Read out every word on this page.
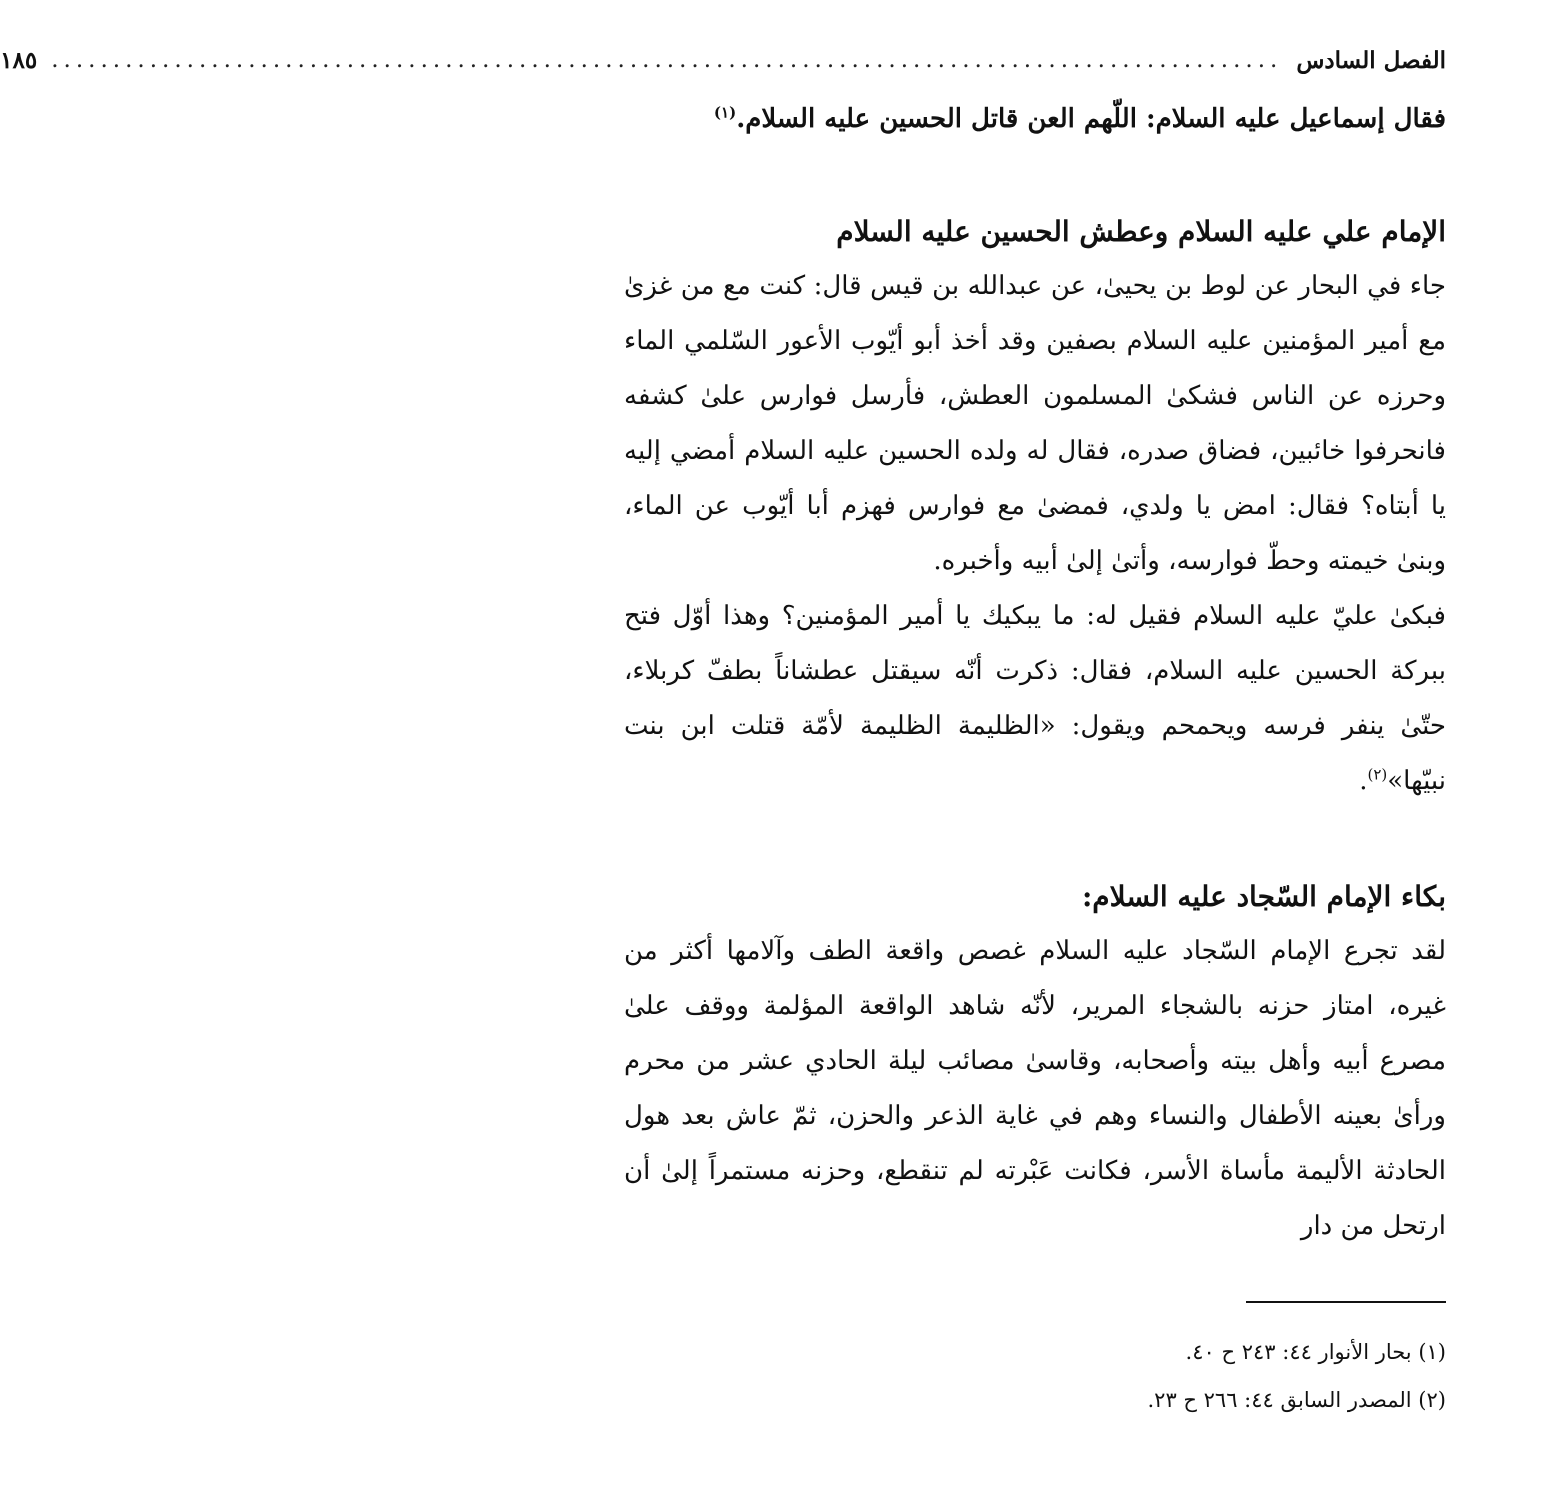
الفصل السادس
....................................................................................................
١٨٥

فقال إسماعيل عليه السلام: اللّهم العن قاتل الحسين عليه السلام.$^{(١)}$

الإمام علي عليه السلام وعطش الحسين عليه السلام

جاء في البحار عن لوط بن يحيىٰ، عن عبدالله بن قيس قال: كنت مع من غزىٰ مع أمير المؤمنين عليه السلام بصفين وقد أخذ أبو أيّوب الأعور السّلمي الماء وحرزه عن الناس فشكىٰ المسلمون العطش، فأرسل فوارس علىٰ كشفه فانحرفوا خائبين، فضاق صدره، فقال له ولده الحسين عليه السلام أمضي إليه يا أبتاه؟ فقال: امض يا ولدي، فمضىٰ مع فوارس فهزم أبا أيّوب عن الماء، وبنىٰ خيمته وحطّ فوارسه، وأتىٰ إلىٰ أبيه وأخبره.

فبكىٰ عليّ عليه السلام فقيل له: ما يبكيك يا أمير المؤمنين؟ وهذا أوّل فتح ببركة الحسين عليه السلام، فقال: ذكرت أنّه سيقتل عطشاناً بطفّ كربلاء، حتّىٰ ينفر فرسه ويحمحم ويقول: «الظليمة الظليمة لأمّة قتلت ابن بنت نبيّها»$^{(٢)}$.

بكاء الإمام السّجاد عليه السلام:

لقد تجرع الإمام السّجاد عليه السلام غصص واقعة الطف وآلامها أكثر من غيره، امتاز حزنه بالشجاء المرير، لأنّه شاهد الواقعة المؤلمة ووقف علىٰ مصرع أبيه وأهل بيته وأصحابه، وقاسىٰ مصائب ليلة الحادي عشر من محرم ورأىٰ بعينه الأطفال والنساء وهم في غاية الذعر والحزن، ثمّ عاش بعد هول الحادثة الأليمة مأساة الأسر، فكانت عَبْرته لم تنقطع، وحزنه مستمراً إلىٰ أن ارتحل من دار

(١) بحار الأنوار ٤٤: ٢٤٣ ح ٤٠.

(٢) المصدر السابق ٤٤: ٢٦٦ ح ٢٣.
